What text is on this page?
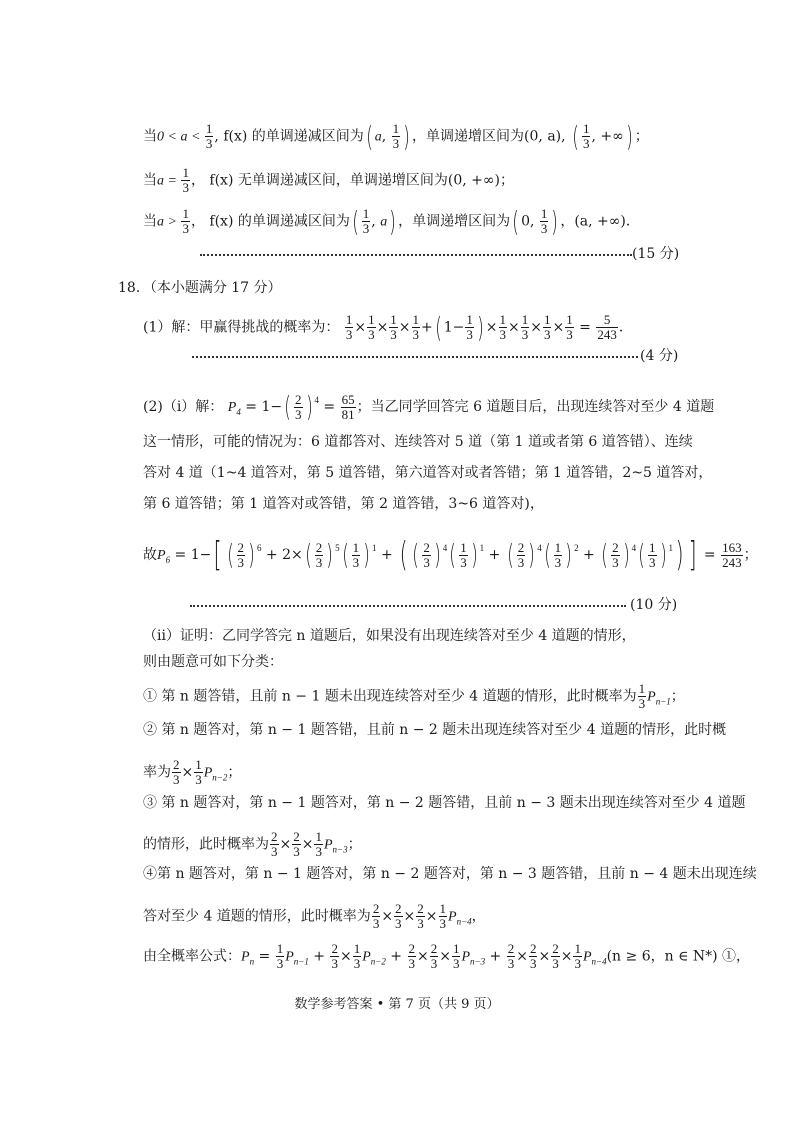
当$0 < a < \frac{1}{3}$ , f(x) 的单调递减区间为( a, $\frac{1}{3}$ ) ，单调递增区间为(0, a), ( $\frac{1}{3}$ , +∞) ；
当$a = \frac{1}{3}$ ， f(x) 无单调递减区间，单调递增区间为(0, +∞)；
当$a > \frac{1}{3}$ ， f(x) 的单调递减区间为( $\frac{1}{3}$ , a) ，单调递增区间为( 0, $\frac{1}{3}$ ) ，(a, +∞)．
(15 分)
18．（本小题满分 17 分）
(1）解：甲赢得挑战的概率为： $\frac{1}{3} \times \frac{1}{3} \times \frac{1}{3} \times \frac{1}{3}$ +( $1- \frac{1}{3}$ ) × $\frac{1}{3} \times \frac{1}{3} \times \frac{1}{3} \times \frac{1}{3} = \frac{5}{243}$ ．
(4 分)
(2)（i）解： $P_4 = 1-( \frac{2}{3}$ ) $^4 = \frac{65}{81}$ ；当乙同学回答完 6 道题目后，出现连续答对至少 4 道题
这一情形，可能的情况为：6 道都答对、连续答对 5 道（第 1 道或者第 6 道答错）、连续
答对 4 道（1~4 道答对，第 5 道答错，第六道答对或者答错；第 1 道答错，2~5 道答对，
第 6 道答错；第 1 道答对或答错，第 2 道答错，3~6 道答对)，
故$P_6 = 1-$[ ( $\frac{2}{3}$ ) $^6 + 2\times( \frac{2}{3}$ ) $^5( \frac{1}{3}$ ) $^1$ + ( ( $\frac{2}{3}$ ) $^4( \frac{1}{3}$ ) $^1$ + ( $\frac{2}{3}$ ) $^4( \frac{1}{3}$ ) $^2$ + ( $\frac{2}{3}$ ) $^4( \frac{1}{3}$ ) $^1$) ] = $\frac{163}{243}$ ；
(10 分)
（ii）证明：乙同学答完 n 道题后，如果没有出现连续答对至少 4 道题的情形，
则由题意可如下分类：
① 第 n 题答错，且前 n − 1 题未出现连续答对至少 4 道题的情形，此时概率为 $\frac{1}{3} P_{n-1}$；
② 第 n 题答对，第 n − 1 题答错，且前 n − 2 题未出现连续答对至少 4 道题的情形，此时概
率为 $\frac{2}{3} \times \frac{1}{3} P_{n-2}$；
③ 第 n 题答对，第 n − 1 题答对，第 n − 2 题答错，且前 n − 3 题未出现连续答对至少 4 道题
的情形，此时概率为 $\frac{2}{3} \times \frac{2}{3} \times \frac{1}{3} P_{n-3}$；
④第 n 题答对，第 n − 1 题答对，第 n − 2 题答对，第 n − 3 题答错，且前 n − 4 题未出现连续
答对至少 4 道题的情形，此时概率为 $\frac{2}{3} \times \frac{2}{3} \times \frac{2}{3} \times \frac{1}{3} P_{n-4}$，
由全概率公式：$P_n = \frac{1}{3} P_{n-1} + \frac{2}{3} \times \frac{1}{3} P_{n-2} + \frac{2}{3} \times \frac{2}{3} \times \frac{1}{3} P_{n-3} + \frac{2}{3} \times \frac{2}{3} \times \frac{2}{3} \times \frac{1}{3} P_{n-4}(n \ge 6$，n ∈ N*) ①，
数学参考答案 • 第 7 页（共 9 页）
